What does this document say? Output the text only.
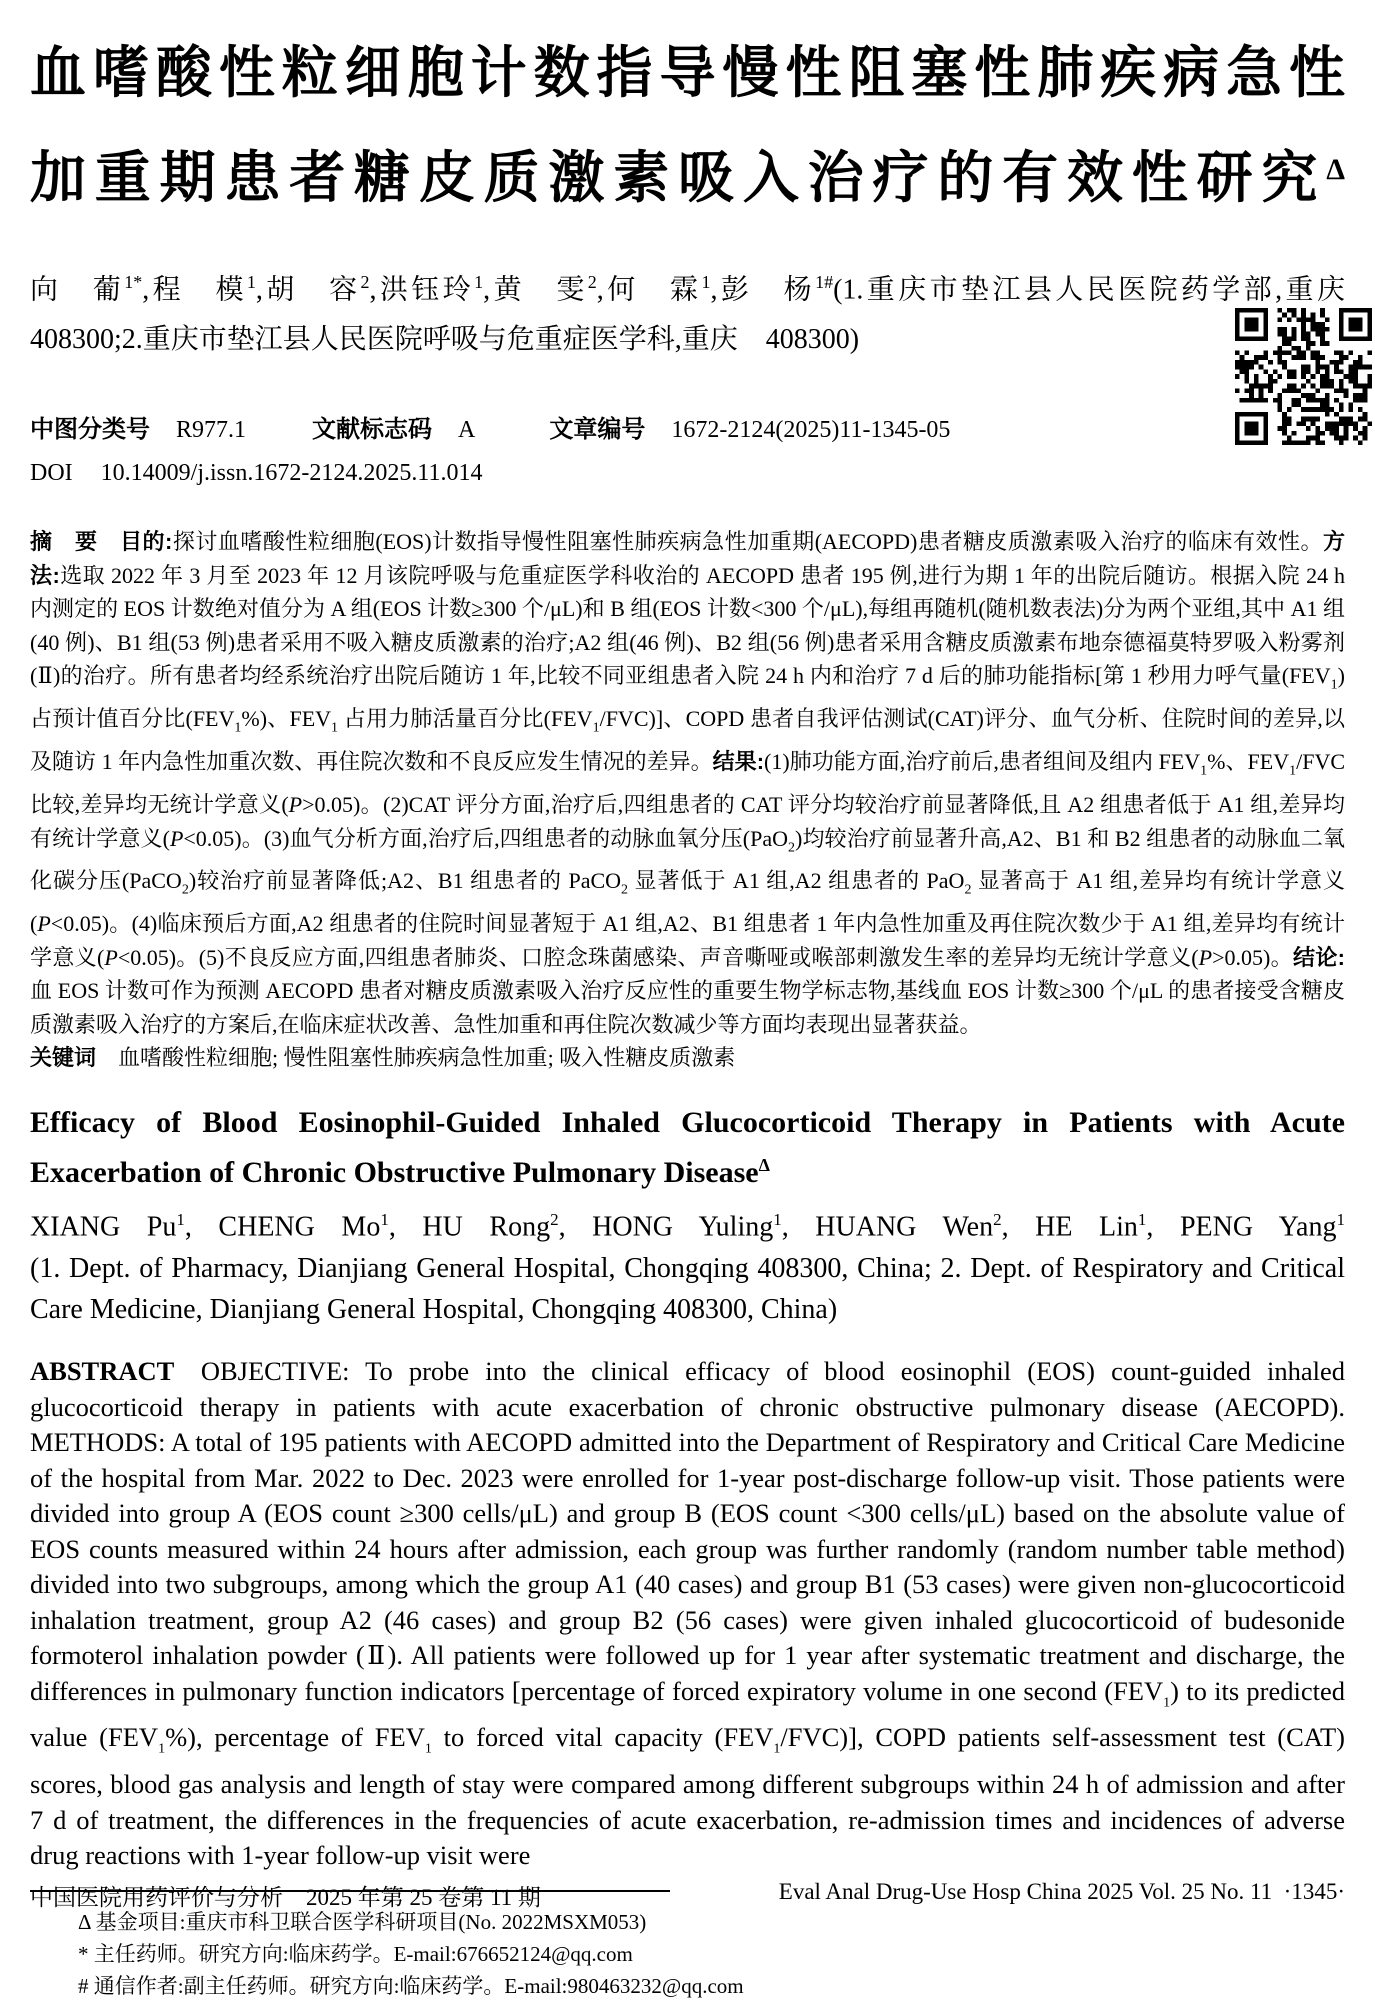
血嗜酸性粒细胞计数指导慢性阻塞性肺疾病急性
加重期患者糖皮质激素吸入治疗的有效性研究$^\Delta$
向　葡$^{1*}$,程　模$^1$,胡　容$^2$,洪钰玲$^1$,黄　雯$^2$,何　霖$^1$,彭　杨$^{1\#}$(1.重庆市垫江县人民医院药学部,重庆
408300;2.重庆市垫江县人民医院呼吸与危重症医学科,重庆　408300)
中图分类号 R977.1	文献标志码 A	文章编号 1672-2124(2025)11-1345-05
DOI 10.14009/j.issn.1672-2124.2025.11.014
摘　要  目的:探讨血嗜酸性粒细胞(EOS)计数指导慢性阻塞性肺疾病急性加重期(AECOPD)患者糖皮质激素吸入治疗的临床有效性。方法:选取 2022 年 3 月至 2023 年 12 月该院呼吸与危重症医学科收治的 AECOPD 患者 195 例,进行为期 1 年的出院后随访。根据入院 24 h 内测定的 EOS 计数绝对值分为 A 组(EOS 计数≥300 个/μL)和 B 组(EOS 计数<300 个/μL),每组再随机(随机数表法)分为两个亚组,其中 A1 组(40 例)、B1 组(53 例)患者采用不吸入糖皮质激素的治疗;A2 组(46 例)、B2 组(56 例)患者采用含糖皮质激素布地奈德福莫特罗吸入粉雾剂(Ⅱ)的治疗。所有患者均经系统治疗出院后随访 1 年,比较不同亚组患者入院 24 h 内和治疗 7 d 后的肺功能指标[第 1 秒用力呼气量$(FEV_1)$占预计值百分比$(FEV_1\%)$、$FEV_1$ 占用力肺活量百分比$(FEV_1/FVC)$]、COPD 患者自我评估测试(CAT)评分、血气分析、住院时间的差异,以及随访 1 年内急性加重次数、再住院次数和不良反应发生情况的差异。结果:(1)肺功能方面,治疗前后,患者组间及组内 $FEV_1\%$、$FEV_1$/FVC 比较,差异均无统计学意义(P>0.05)。(2)CAT 评分方面,治疗后,四组患者的 CAT 评分均较治疗前显著降低,且 A2 组患者低于 A1 组,差异均有统计学意义(P<0.05)。(3)血气分析方面,治疗后,四组患者的动脉血氧分压(PaO$_2$)均较治疗前显著升高,A2、B1 和 B2 组患者的动脉血二氧化碳分压(PaCO$_2$)较治疗前显著降低;A2、B1 组患者的 PaCO$_2$ 显著低于 A1 组,A2 组患者的 PaO$_2$ 显著高于 A1 组,差异均有统计学意义(P<0.05)。(4)临床预后方面,A2 组患者的住院时间显著短于 A1 组,A2、B1 组患者 1 年内急性加重及再住院次数少于 A1 组,差异均有统计学意义(P<0.05)。(5)不良反应方面,四组患者肺炎、口腔念珠菌感染、声音嘶哑或喉部刺激发生率的差异均无统计学意义(P>0.05)。结论:血 EOS 计数可作为预测 AECOPD 患者对糖皮质激素吸入治疗反应性的重要生物学标志物,基线血 EOS 计数≥300 个/μL 的患者接受含糖皮质激素吸入治疗的方案后,在临床症状改善、急性加重和再住院次数减少等方面均表现出显著获益。
关键词 血嗜酸性粒细胞; 慢性阻塞性肺疾病急性加重; 吸入性糖皮质激素
Efficacy of Blood Eosinophil-Guided Inhaled Glucocorticoid Therapy in Patients with Acute
Exacerbation of Chronic Obstructive Pulmonary Disease$^\Delta$
XIANG Pu$^1$, CHENG Mo$^1$, HU Rong$^2$, HONG Yuling$^1$, HUANG Wen$^2$, HE Lin$^1$, PENG Yang$^1$
(1. Dept. of Pharmacy, Dianjiang General Hospital, Chongqing 408300, China; 2. Dept. of Respiratory and Critical Care Medicine, Dianjiang General Hospital, Chongqing 408300, China)
ABSTRACT OBJECTIVE: To probe into the clinical efficacy of blood eosinophil (EOS) count-guided inhaled glucocorticoid therapy in patients with acute exacerbation of chronic obstructive pulmonary disease (AECOPD). METHODS: A total of 195 patients with AECOPD admitted into the Department of Respiratory and Critical Care Medicine of the hospital from Mar. 2022 to Dec. 2023 were enrolled for 1-year post-discharge follow-up visit. Those patients were divided into group A (EOS count ≥300 cells/μL) and group B (EOS count <300 cells/μL) based on the absolute value of EOS counts measured within 24 hours after admission, each group was further randomly (random number table method) divided into two subgroups, among which the group A1 (40 cases) and group B1 (53 cases) were given non-glucocorticoid inhalation treatment, group A2 (46 cases) and group B2 (56 cases) were given inhaled glucocorticoid of budesonide formoterol inhalation powder (Ⅱ). All patients were followed up for 1 year after systematic treatment and discharge, the differences in pulmonary function indicators [percentage of forced expiratory volume in one second $(FEV_1)$ to its predicted value $(FEV_1\%)$, percentage of $FEV_1$ to forced vital capacity $(FEV_1/FVC)$], COPD patients self-assessment test (CAT) scores, blood gas analysis and length of stay were compared among different subgroups within 24 h of admission and after 7 d of treatment, the differences in the frequencies of acute exacerbation, re-admission times and incidences of adverse drug reactions with 1-year follow-up visit were
Δ 基金项目:重庆市科卫联合医学科研项目(No. 2022MSXM053)
* 主任药师。研究方向:临床药学。E-mail:676652124@qq.com
# 通信作者:副主任药师。研究方向:临床药学。E-mail:980463232@qq.com
中国医院用药评价与分析 2025 年第 25 卷第 11 期	Eval Anal Drug-Use Hosp China 2025 Vol. 25 No. 11 ·1345·
